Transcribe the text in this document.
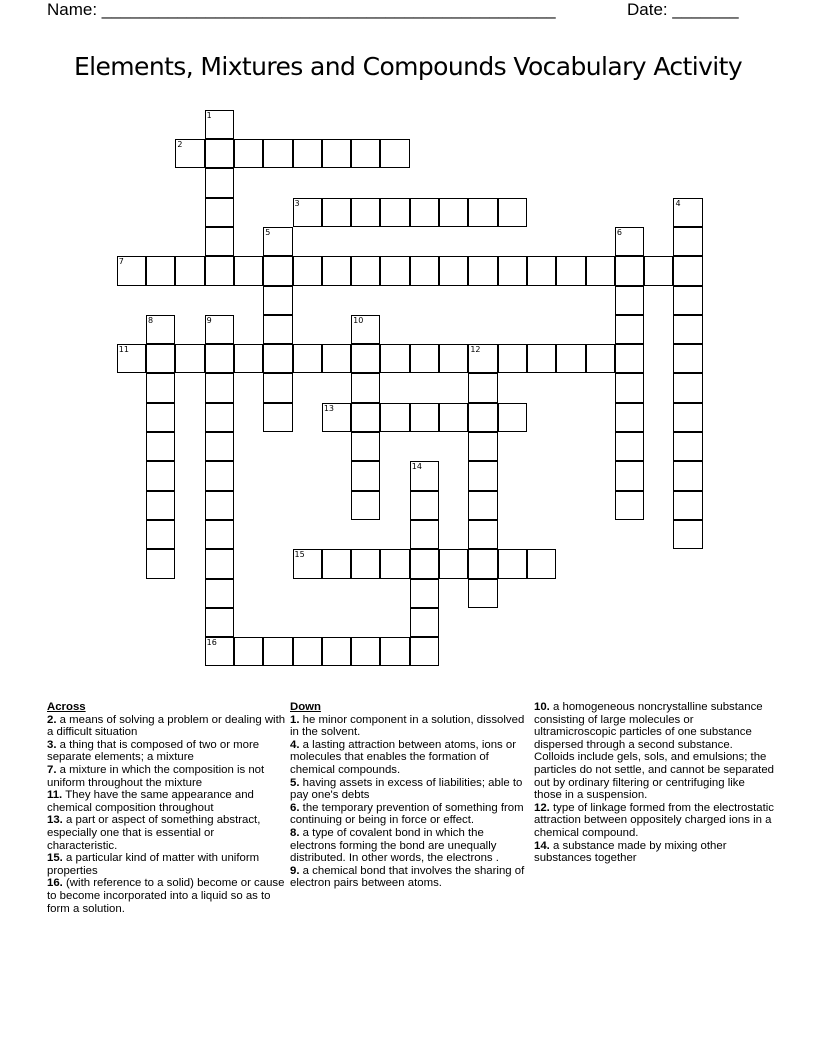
Name: ________________________________________________	Date: _______
Elements, Mixtures and Compounds Vocabulary Activity
1
2
3	4
5	6
7
8	9
16
10
11	12
13
14
15
Across
2. a means of solving a problem or dealing with a difficult situation
3. a thing that is composed of two or more separate elements; a mixture
7. a mixture in which the composition is not uniform throughout the mixture
11. They have the same appearance and chemical composition throughout
13. a part or aspect of something abstract, especially one that is essential or characteristic.
15. a particular kind of matter with uniform properties
16. (with reference to a solid) become or cause to become incorporated into a liquid so as to form a solution.
Down
1. he minor component in a solution, dissolved in the solvent.
4. a lasting attraction between atoms, ions or molecules that enables the formation of chemical compounds.
5. having assets in excess of liabilities; able to pay one's debts
6. the temporary prevention of something from continuing or being in force or effect.
8. a type of covalent bond in which the electrons forming the bond are unequally distributed. In other words, the electrons .
9. a chemical bond that involves the sharing of electron pairs between atoms.
10. a homogeneous noncrystalline substance consisting of large molecules or ultramicroscopic particles of one substance dispersed through a second substance. Colloids include gels, sols, and emulsions; the particles do not settle, and cannot be separated out by ordinary filtering or centrifuging like those in a suspension.
12. type of linkage formed from the electrostatic attraction between oppositely charged ions in a chemical compound.
14. a substance made by mixing other substances together
